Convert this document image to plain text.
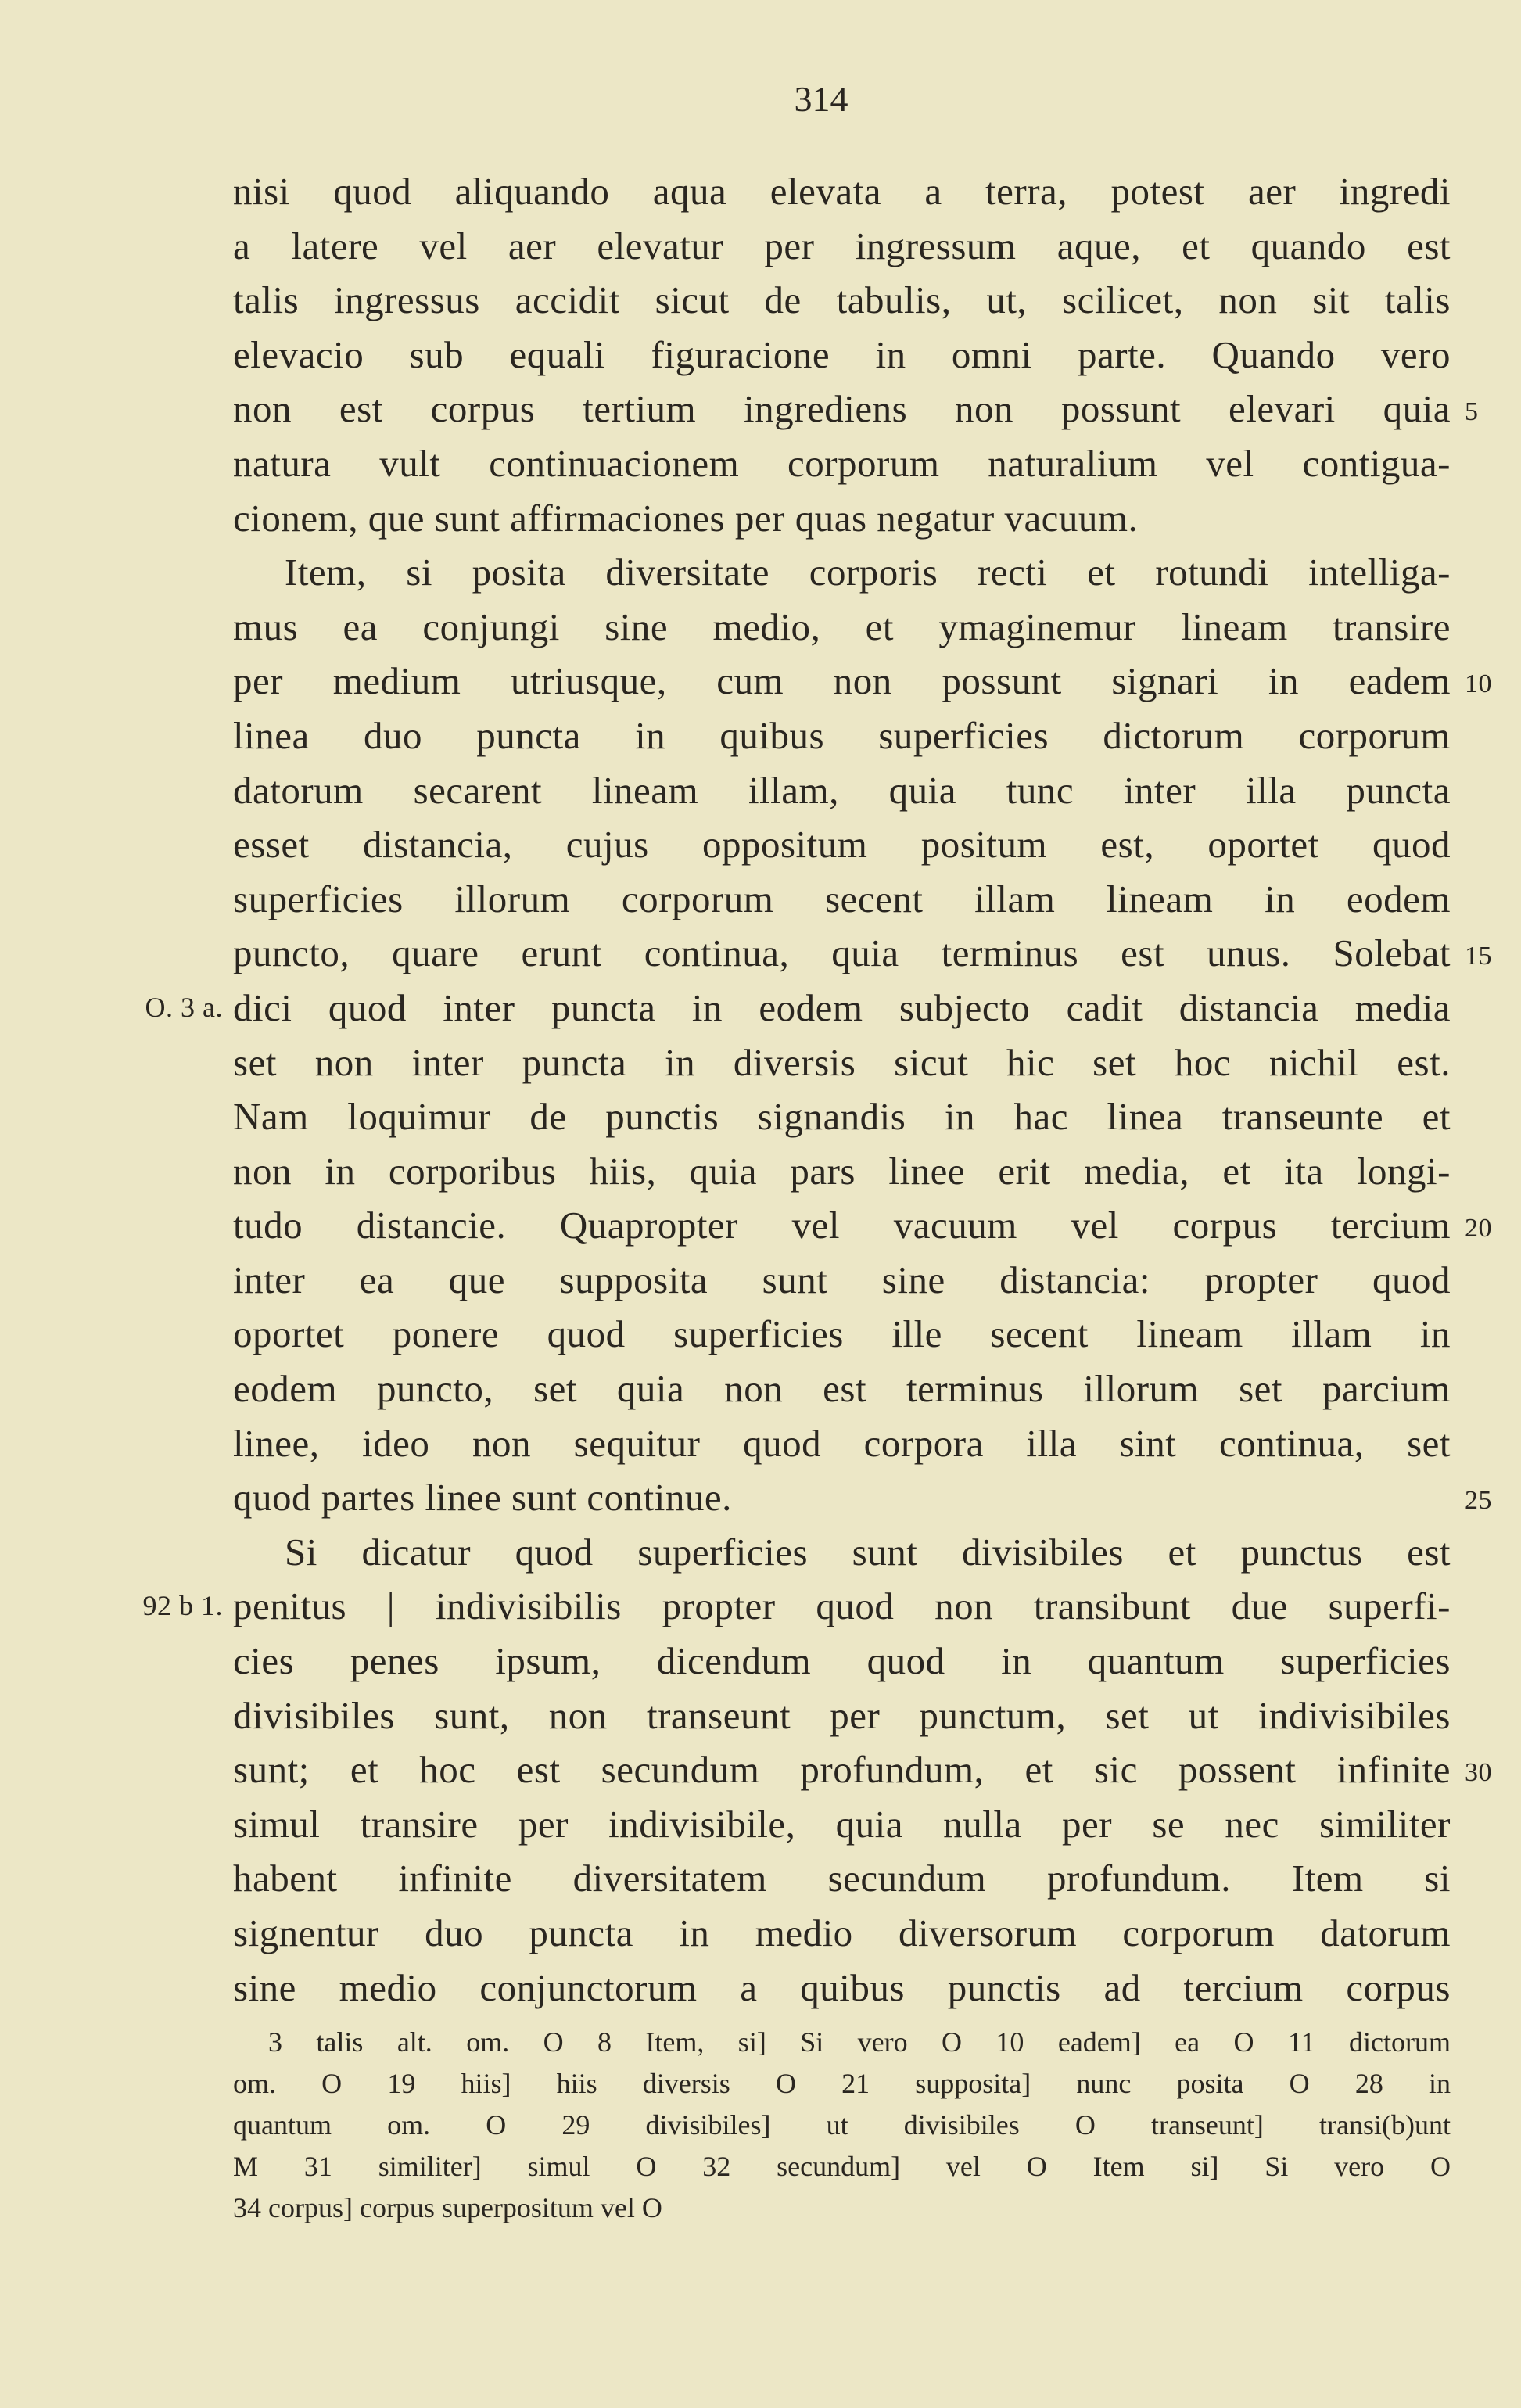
314
nisi quod aliquando aqua elevata a terra, potest aer ingredi
a latere vel aer elevatur per ingressum aque, et quando est
talis ingressus accidit sicut de tabulis, ut, scilicet, non sit talis
elevacio sub equali figuracione in omni parte. Quando vero
non est corpus tertium ingrediens non possunt elevari quia 5
natura vult continuacionem corporum naturalium vel contigua-
cionem, que sunt affirmaciones per quas negatur vacuum.
Item, si posita diversitate corporis recti et rotundi intelliga-
mus ea conjungi sine medio, et ymaginemur lineam transire
per medium utriusque, cum non possunt signari in eadem 10
linea duo puncta in quibus superficies dictorum corporum
datorum secarent lineam illam, quia tunc inter illa puncta
esset distancia, cujus oppositum positum est, oportet quod
superficies illorum corporum secent illam lineam in eodem
puncto, quare erunt continua, quia terminus est unus. Solebat 15
dici quod inter puncta in eodem subjecto cadit distancia media
O. 3 a.
set non inter puncta in diversis sicut hic set hoc nichil est.
Nam loquimur de punctis signandis in hac linea transeunte et
non in corporibus hiis, quia pars linee erit media, et ita longi-
tudo distancie. Quapropter vel vacuum vel corpus tercium 20
inter ea que supposita sunt sine distancia: propter quod
oportet ponere quod superficies ille secent lineam illam in
eodem puncto, set quia non est terminus illorum set parcium
linee, ideo non sequitur quod corpora illa sint continua, set
quod partes linee sunt continue.	25
Si dicatur quod superficies sunt divisibiles et punctus est
penitus | indivisibilis propter quod non transibunt due superfi-
92 b 1.
cies penes ipsum, dicendum quod in quantum superficies
divisibiles sunt, non transeunt per punctum, set ut indivisibiles
sunt; et hoc est secundum profundum, et sic possent infinite 30
simul transire per indivisibile, quia nulla per se nec similiter
habent infinite diversitatem secundum profundum. Item si
signentur duo puncta in medio diversorum corporum datorum
sine medio conjunctorum a quibus punctis ad tercium corpus
3 talis alt. om. O 8 Item, si] Si vero O 10 eadem] ea O 11 dictorum
om. O 19 hiis] hiis diversis O 21 supposita] nunc posita O 28 in
quantum om. O 29 divisibiles] ut divisibiles O transeunt] transi(b)unt
M 31 similiter] simul O 32 secundum] vel O Item si] Si vero O
34 corpus] corpus superpositum vel O
